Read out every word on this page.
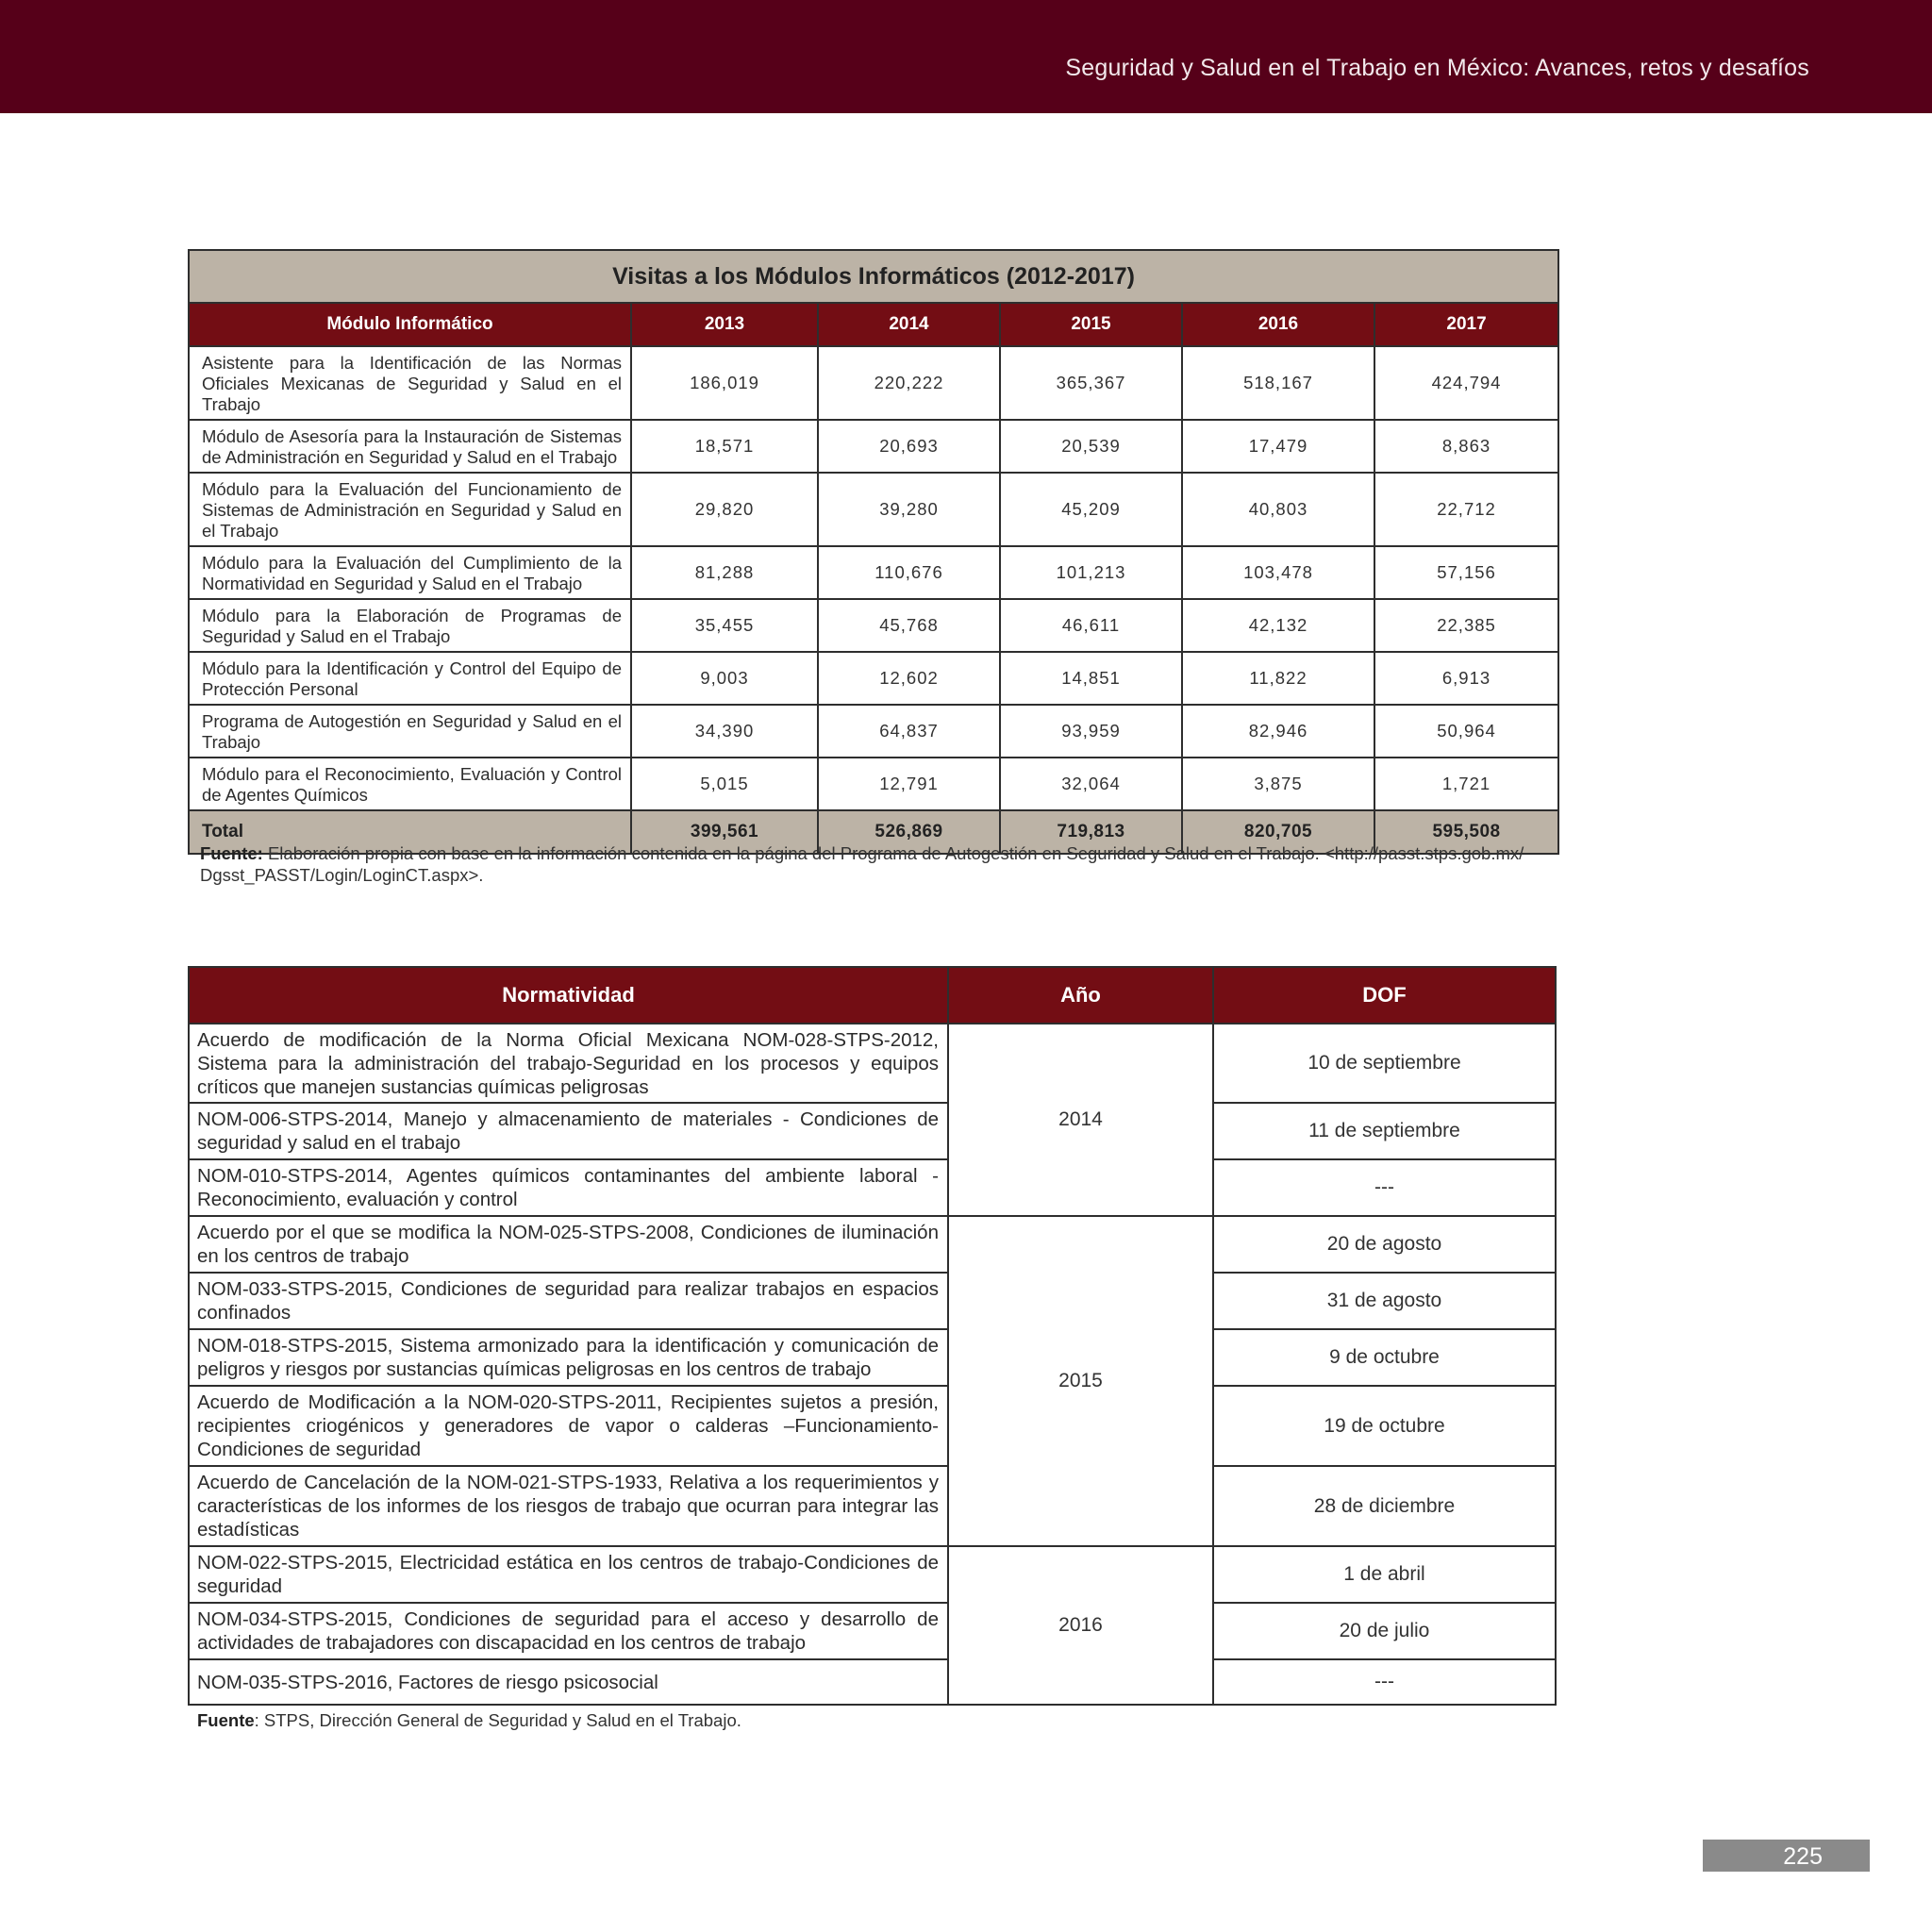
Seguridad y Salud en el Trabajo en México: Avances, retos y desafíos
Visitas a los Módulos Informáticos (2012-2017)					
Módulo Informático	2013	2014	2015	2016	2017
Asistente para la Identificación de las Normas Oficiales Mexicanas de Seguridad y Salud en el Trabajo	186,019	220,222	365,367	518,167	424,794
Módulo de Asesoría para la Instauración de Sistemas de Administración en Seguridad y Salud en el Trabajo	18,571	20,693	20,539	17,479	8,863
Módulo para la Evaluación del Funcionamiento de Sistemas de Administración en Seguridad y Salud en el Trabajo	29,820	39,280	45,209	40,803	22,712
Módulo para la Evaluación del Cumplimiento de la Normatividad en Seguridad y Salud en el Trabajo	81,288	110,676	101,213	103,478	57,156
Módulo para la Elaboración de Programas de Seguridad y Salud en el Trabajo	35,455	45,768	46,611	42,132	22,385
Módulo para la Identificación y Control del Equipo de Protección Personal	9,003	12,602	14,851	11,822	6,913
Programa de Autogestión en Seguridad y Salud en el Trabajo	34,390	64,837	93,959	82,946	50,964
Módulo para el Reconocimiento, Evaluación y Control de Agentes Químicos	5,015	12,791	32,064	3,875	1,721
Total	399,561	526,869	719,813	820,705	595,508
Fuente: Elaboración propia con base en la información contenida en la página del Programa de Autogestión en Seguridad y Salud en el Trabajo. <http://passt.stps.gob.mx/ Dgsst_PASST/Login/LoginCT.aspx>.
Normatividad	Año	DOF
Acuerdo de modificación de la Norma Oficial Mexicana NOM-028-STPS-2012, Sistema para la administración del trabajo-Seguridad en los procesos y equipos críticos que manejen sustancias químicas peligrosas	2014	10 de septiembre
NOM-006-STPS-2014, Manejo y almacenamiento de materiales - Condiciones de seguridad y salud en el trabajo		11 de septiembre
NOM-010-STPS-2014, Agentes químicos contaminantes del ambiente laboral - Reconocimiento, evaluación y control		---
Acuerdo por el que se modifica la NOM-025-STPS-2008, Condiciones de iluminación en los centros de trabajo	2015	20 de agosto
NOM-033-STPS-2015, Condiciones de seguridad para realizar trabajos en espacios confinados		31 de agosto
NOM-018-STPS-2015, Sistema armonizado para la identificación y comunicación de peligros y riesgos por sustancias químicas peligrosas en los centros de trabajo		9 de octubre
Acuerdo de Modificación a la NOM-020-STPS-2011, Recipientes sujetos a presión, recipientes criogénicos y generadores de vapor o calderas –Funcionamiento- Condiciones de seguridad		19 de octubre
Acuerdo de Cancelación de la NOM-021-STPS-1933, Relativa a los requerimientos y características de los informes de los riesgos de trabajo que ocurran para integrar las estadísticas		28 de diciembre
NOM-022-STPS-2015, Electricidad estática en los centros de trabajo-Condiciones de seguridad	2016	1 de abril
NOM-034-STPS-2015, Condiciones de seguridad para el acceso y desarrollo de actividades de trabajadores con discapacidad en los centros de trabajo		20 de julio
NOM-035-STPS-2016, Factores de riesgo psicosocial		---
Fuente: STPS, Dirección General de Seguridad y Salud en el Trabajo.
225
